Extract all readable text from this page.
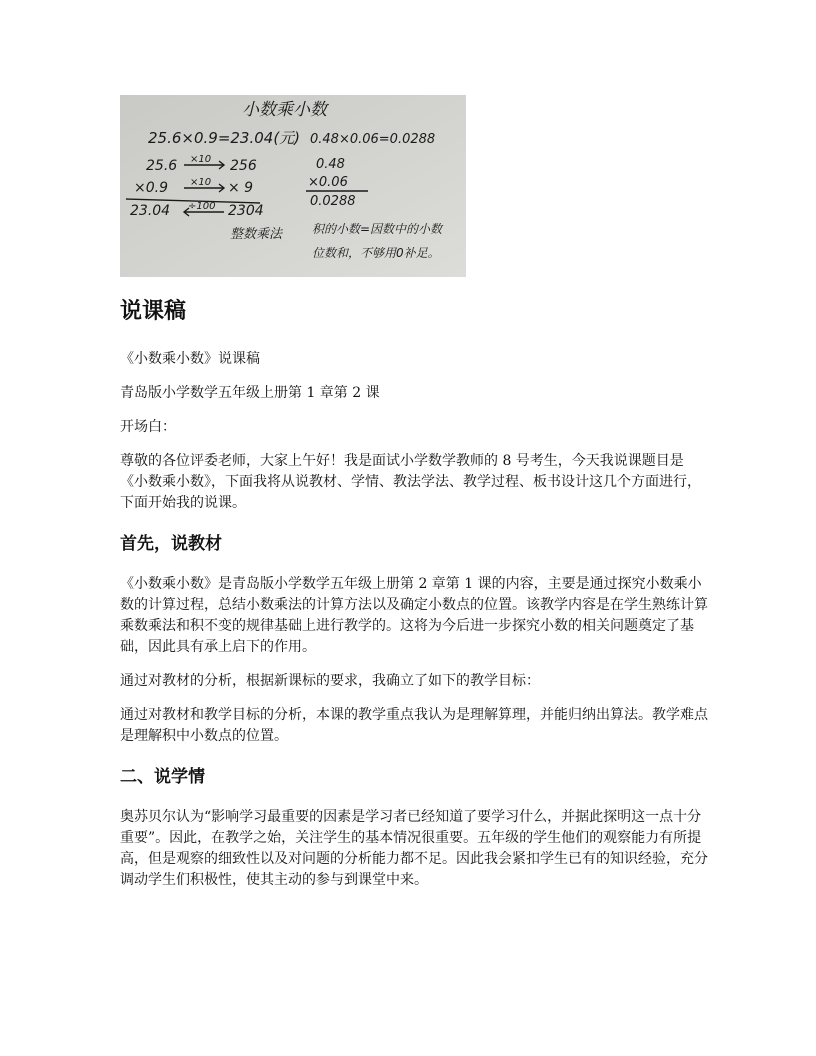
小数乘小数
25.6×0.9=23.04(元) 0.48×0.06=0.0288
25.6
×0.9
23.04
256
× 9
2304
×10
×10
÷100
0.48
×0.06
0.0288
整数乘法 积的小数=因数中的小数
位数和，不够用0补足。
说课稿

《小数乘小数》说课稿

青岛版小学数学五年级上册第 1 章第 2 课

开场白：

尊敬的各位评委老师，大家上午好！我是面试小学数学教师的 8 号考生，今天我说课题目是《小数乘小数》，下面我将从说教材、学情、教法学法、教学过程、板书设计这几个方面进行，下面开始我的说课。

首先，说教材

《小数乘小数》是青岛版小学数学五年级上册第 2 章第 1 课的内容，主要是通过探究小数乘小数的计算过程，总结小数乘法的计算方法以及确定小数点的位置。该教学内容是在学生熟练计算乘数乘法和积不变的规律基础上进行教学的。这将为今后进一步探究小数的相关问题奠定了基础，因此具有承上启下的作用。

通过对教材的分析，根据新课标的要求，我确立了如下的教学目标：

通过对教材和教学目标的分析，本课的教学重点我认为是理解算理，并能归纳出算法。教学难点是理解积中小数点的位置。

二、说学情

奥苏贝尔认为“影响学习最重要的因素是学习者已经知道了要学习什么，并据此探明这一点十分重要”。因此，在教学之始，关注学生的基本情况很重要。五年级的学生他们的观察能力有所提高，但是观察的细致性以及对问题的分析能力都不足。因此我会紧扣学生已有的知识经验，充分调动学生们积极性，使其主动的参与到课堂中来。
